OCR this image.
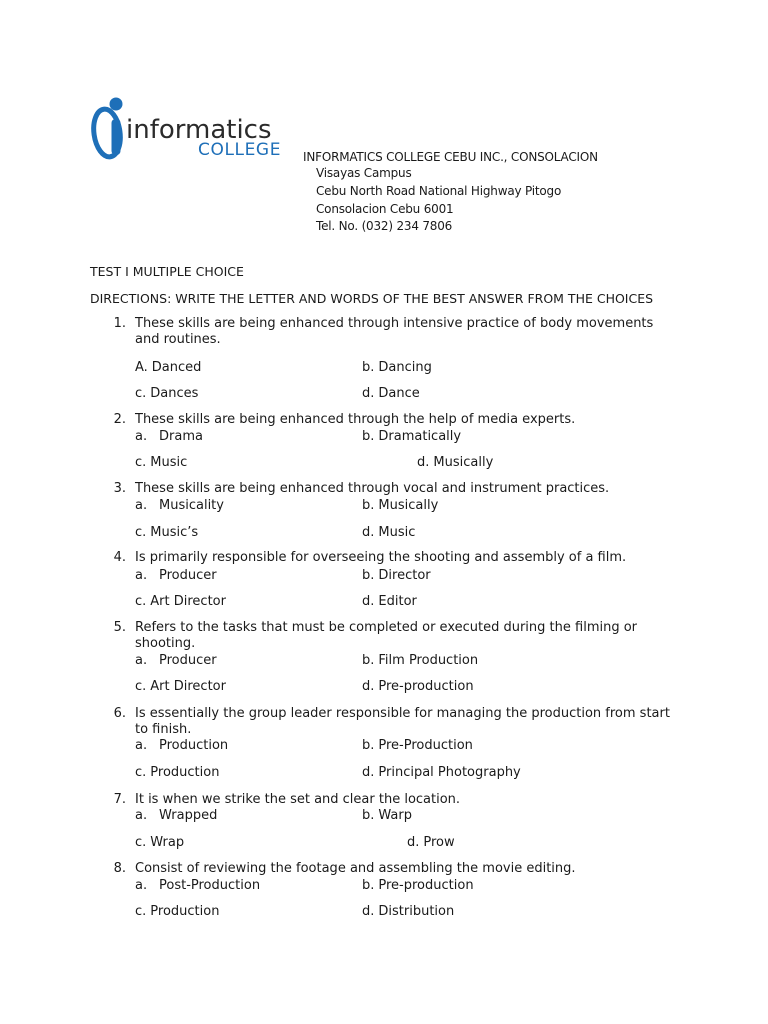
informatics
COLLEGE INFORMATICS COLLEGE CEBU INC., CONSOLACION
Visayas Campus
Cebu North Road National Highway Pitogo
Consolacion Cebu 6001
Tel. No. (032) 234 7806
TEST I MULTIPLE CHOICE
DIRECTIONS: WRITE THE LETTER AND WORDS OF THE BEST ANSWER FROM THE CHOICES
1. These skills are being enhanced through intensive practice of body movements and routines.
A. Danced	b. Dancing
c. Dances	d. Dance
2. These skills are being enhanced through the help of media experts.
a. Drama	b. Dramatically
c. Music	d. Musically
3. These skills are being enhanced through vocal and instrument practices.
a. Musicality	b. Musically
c. Music’s	d. Music
4. Is primarily responsible for overseeing the shooting and assembly of a film.
a. Producer	b. Director
c. Art Director	d. Editor
5. Refers to the tasks that must be completed or executed during the filming or shooting.
a. Producer	b. Film Production
c. Art Director	d. Pre-production
6. Is essentially the group leader responsible for managing the production from start to finish.
a. Production	b. Pre-Production
c. Production	d. Principal Photography
7. It is when we strike the set and clear the location.
a. Wrapped	b. Warp
c. Wrap	d. Prow
8. Consist of reviewing the footage and assembling the movie editing.
a. Post-Production	b. Pre-production
c. Production	d. Distribution
